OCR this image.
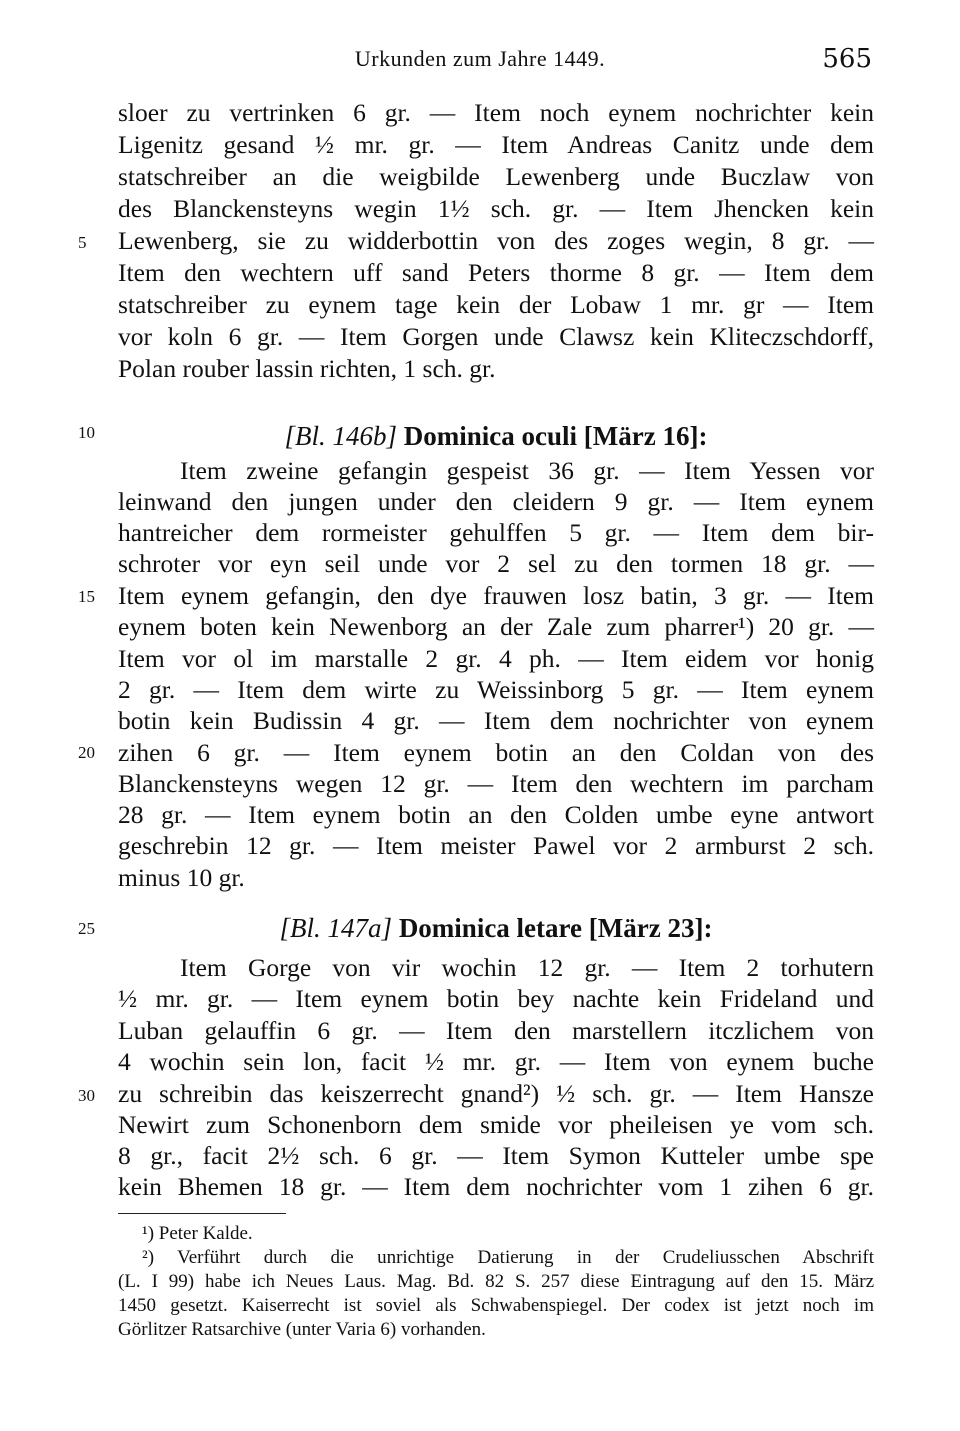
Urkunden zum Jahre 1449.	565
sloer zu vertrinken 6 gr. — Item noch eynem nochrichter kein
Ligenitz gesand ½ mr. gr. — Item Andreas Canitz unde dem
statschreiber an die weigbilde Lewenberg unde Buczlaw von
des Blanckensteyns wegin 1½ sch. gr. — Item Jhencken kein
Lewenberg, sie zu widderbottin von des zoges wegin, 8 gr. —
Item den wechtern uff sand Peters thorme 8 gr. — Item dem
statschreiber zu eynem tage kein der Lobaw 1 mr. gr — Item
vor koln 6 gr. — Item Gorgen unde Clawsz kein Kliteczschdorff,
Polan rouber lassin richten, 1 sch. gr.
[Bl. 146b] Dominica oculi [März 16]:
Item zweine gefangin gespeist 36 gr. — Item Yessen vor
leinwand den jungen under den cleidern 9 gr. — Item eynem
hantreicher dem rormeister gehulffen 5 gr. — Item dem bir-
schroter vor eyn seil unde vor 2 sel zu den tormen 18 gr. —
Item eynem gefangin, den dye frauwen losz batin, 3 gr. — Item
eynem boten kein Newenborg an der Zale zum pharrer¹) 20 gr. —
Item vor ol im marstalle 2 gr. 4 ph. — Item eidem vor honig
2 gr. — Item dem wirte zu Weissinborg 5 gr. — Item eynem
botin kein Budissin 4 gr. — Item dem nochrichter von eynem
zihen 6 gr. — Item eynem botin an den Coldan von des
Blanckensteyns wegen 12 gr. — Item den wechtern im parcham
28 gr. — Item eynem botin an den Colden umbe eyne antwort
geschrebin 12 gr. — Item meister Pawel vor 2 armburst 2 sch.
minus 10 gr.
[Bl. 147a] Dominica letare [März 23]:
Item Gorge von vir wochin 12 gr. — Item 2 torhutern
½ mr. gr. — Item eynem botin bey nachte kein Frideland und
Luban gelauffin 6 gr. — Item den marstellern itczlichem von
4 wochin sein lon, facit ½ mr. gr. — Item von eynem buche
zu schreibin das keiszerrecht gnand²) ½ sch. gr. — Item Hansze
Newirt zum Schonenborn dem smide vor pheileisen ye vom sch.
8 gr., facit 2½ sch. 6 gr. — Item Symon Kutteler umbe spe
kein Bhemen 18 gr. — Item dem nochrichter vom 1 zihen 6 gr.
5
10
15
20
25
30
¹) Peter Kalde.
²) Verführt durch die unrichtige Datierung in der Crudeliusschen Abschrift
(L. I 99) habe ich Neues Laus. Mag. Bd. 82 S. 257 diese Eintragung auf den 15. März
1450 gesetzt. Kaiserrecht ist soviel als Schwabenspiegel. Der codex ist jetzt noch im
Görlitzer Ratsarchive (unter Varia 6) vorhanden.
